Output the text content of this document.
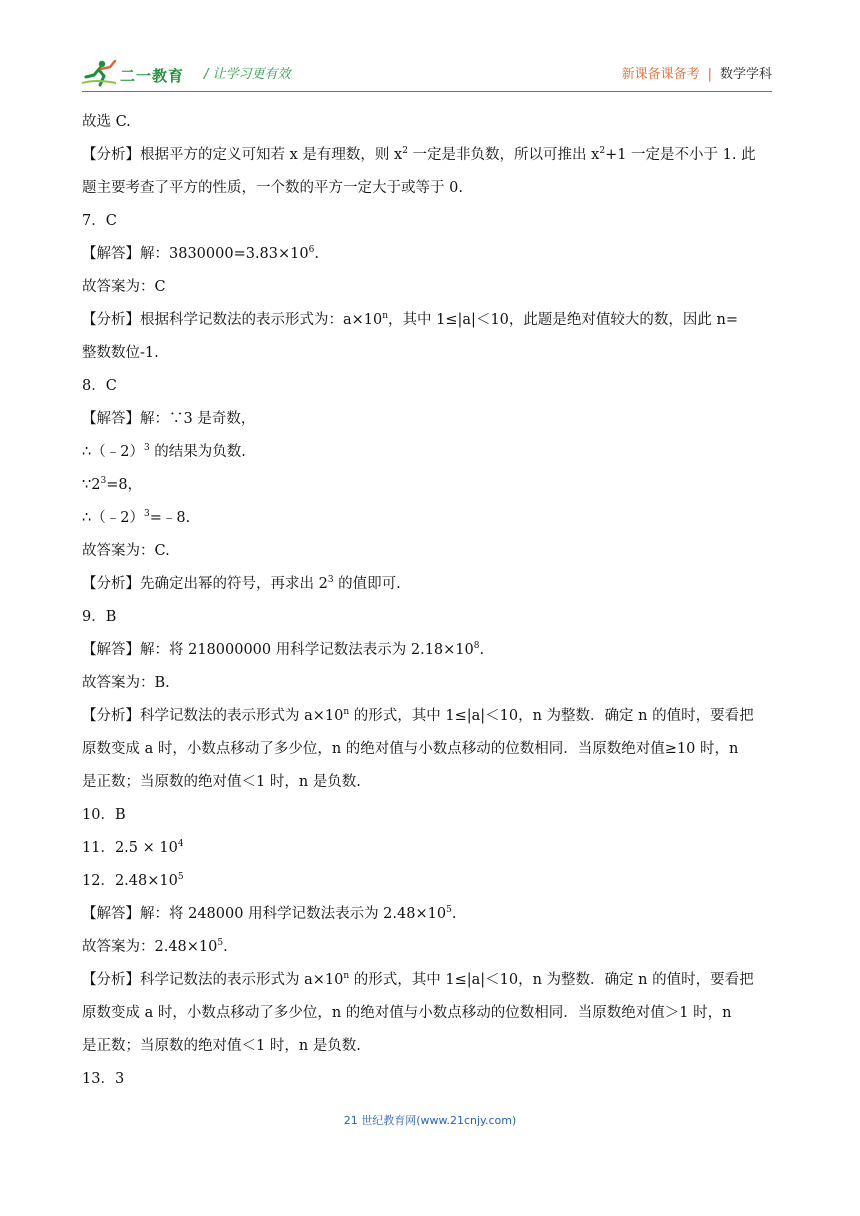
二一教育 / 让学习更有效	新课备课备考 | 数学学科
故选 C.
【分析】根据平方的定义可知若 x 是有理数，则 $x^2$ 一定是非负数，所以可推出 $x^2+1$ 一定是不小于 1. 此
题主要考查了平方的性质，一个数的平方一定大于或等于 0.
7．C
【解答】解：$3830000=3.83\times 10^6$.
故答案为：C
【分析】根据科学记数法的表示形式为：$a\times 10^n$，其中 1≤|a|＜10，此题是绝对值较大的数，因此 n=
整数数位-1.
8．C
【解答】解：∵3 是奇数，
∴（﹣2）$^3$ 的结果为负数.
$\because 2^3=8$，
∴（﹣2）$^3$=﹣8.
故答案为：C.
【分析】先确定出幂的符号，再求出 $2^3$ 的值即可.
9．B
【解答】解：将 218000000 用科学记数法表示为 $2.18\times 10^8$.
故答案为：B.
【分析】科学记数法的表示形式为 $a\times 10^n$ 的形式，其中 1≤|a|＜10，n 为整数．确定 n 的值时，要看把
原数变成 a 时，小数点移动了多少位，n 的绝对值与小数点移动的位数相同．当原数绝对值≥10 时，n
是正数；当原数的绝对值＜1 时，n 是负数.
10．B
11．$2.5 \times 10^4$
12．$2.48\times 10^5$
【解答】解：将 248000 用科学记数法表示为 $2.48\times 10^5$.
故答案为：$2.48\times 10^5$.
【分析】科学记数法的表示形式为 $a\times 10^n$ 的形式，其中 1≤|a|＜10，n 为整数．确定 n 的值时，要看把
原数变成 a 时，小数点移动了多少位，n 的绝对值与小数点移动的位数相同．当原数绝对值＞1 时，n
是正数；当原数的绝对值＜1 时，n 是负数.
13．3
21 世纪教育网(www.21cnjy.com)
